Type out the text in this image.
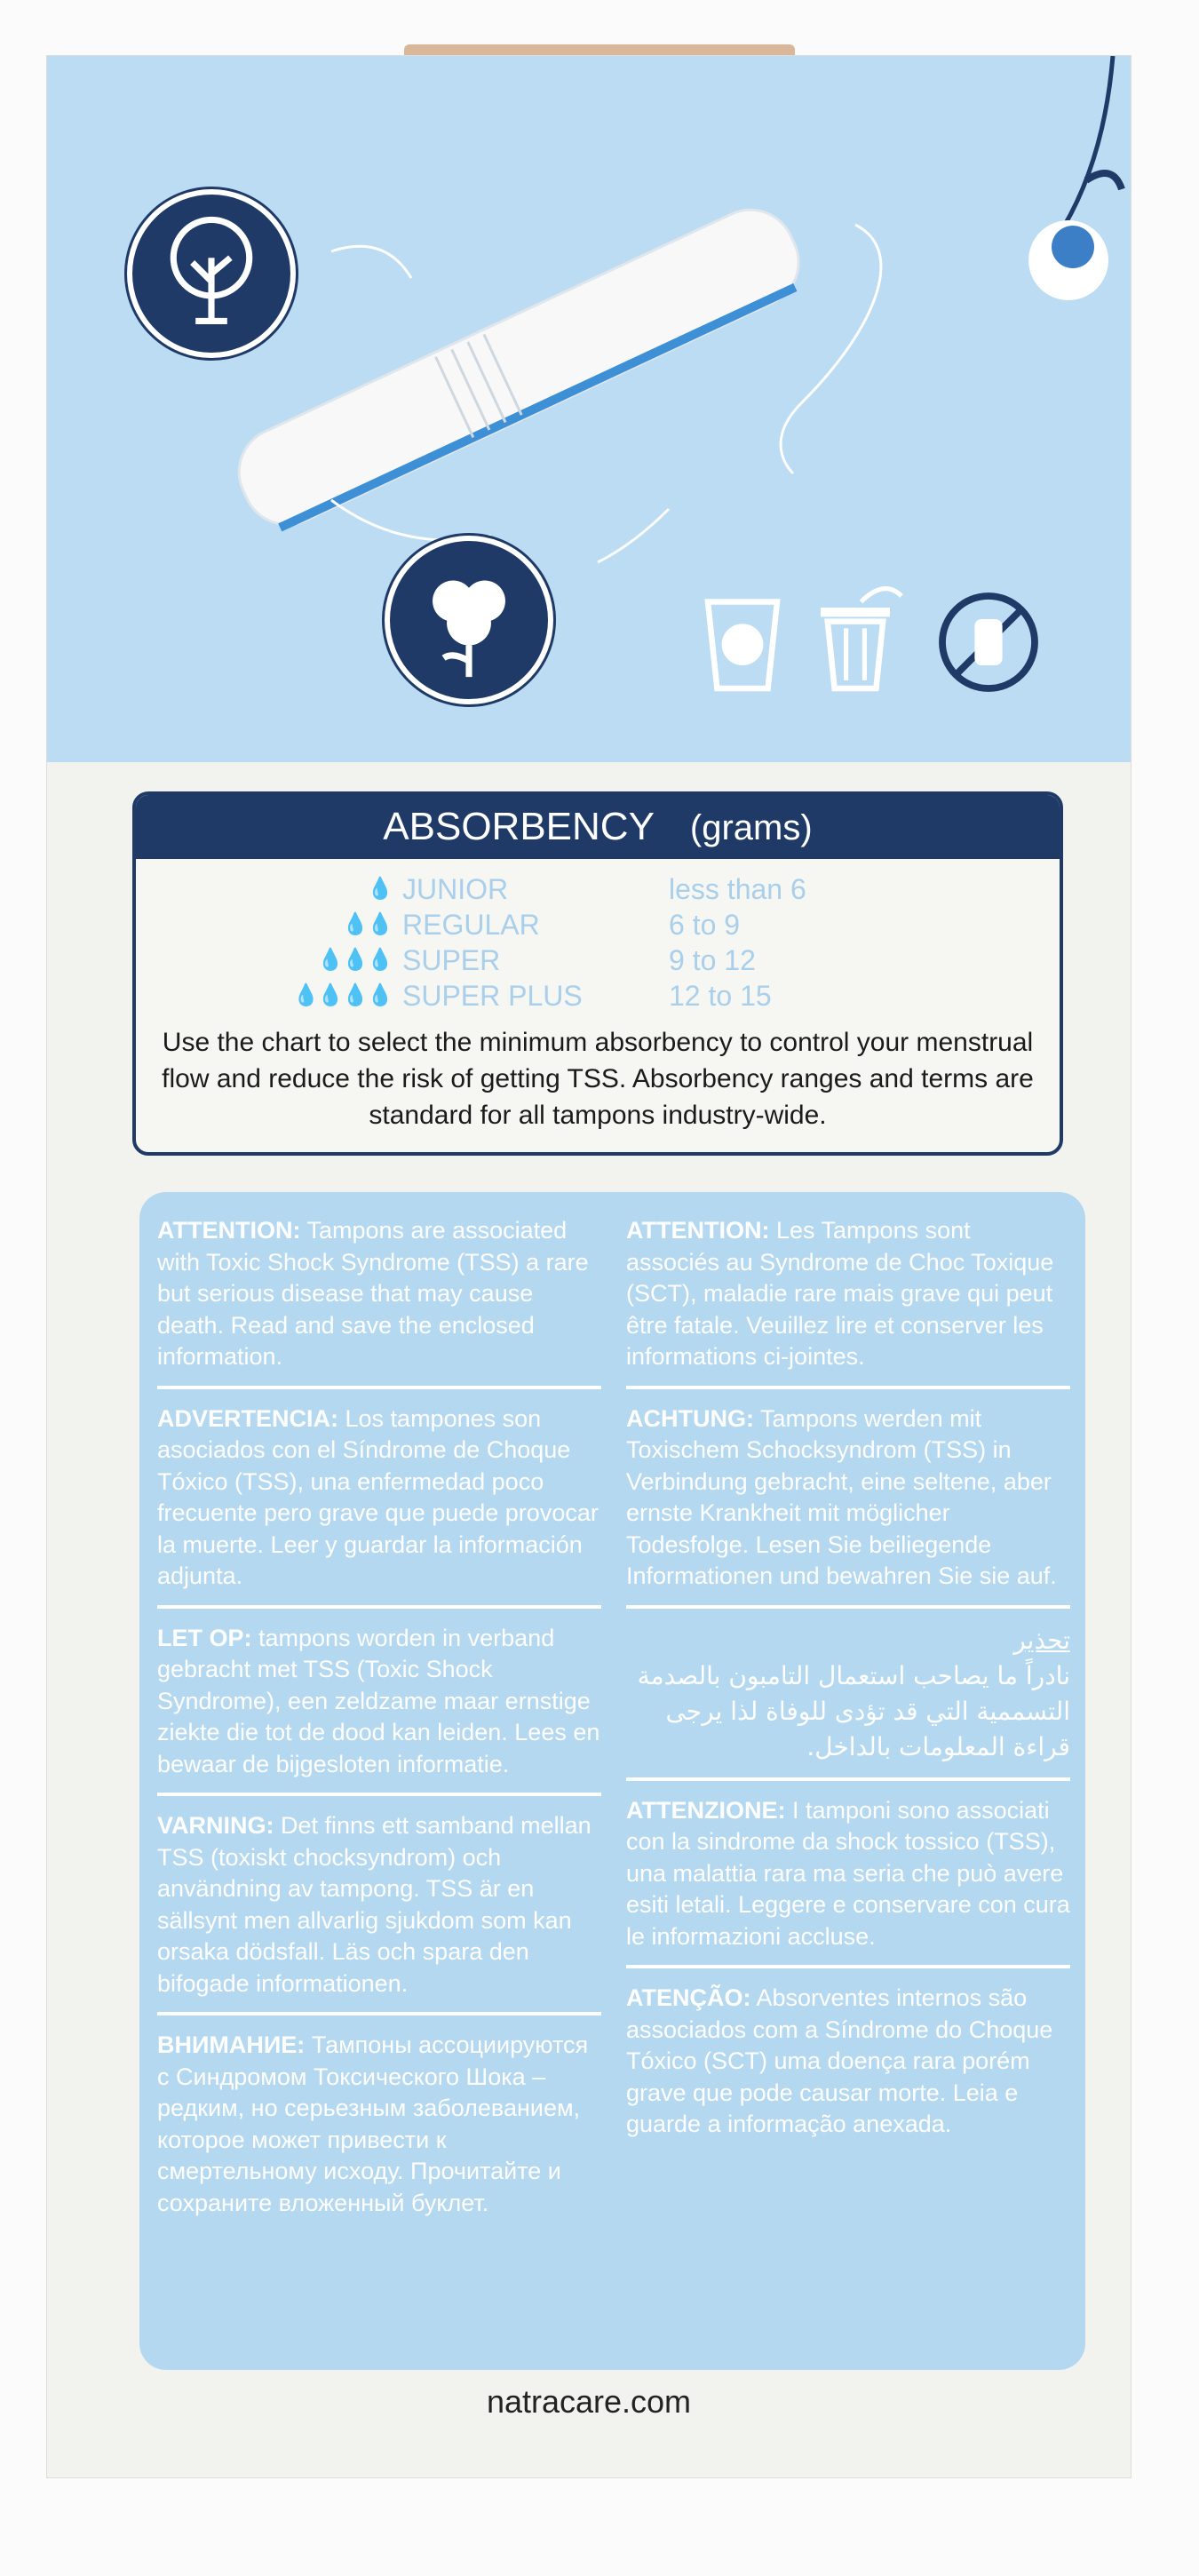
ABSORBENCY (grams)
💧 JUNIOR	less than 6
💧💧 REGULAR	6 to 9
💧💧💧 SUPER	9 to 12
💧💧💧💧 SUPER PLUS	12 to 15
Use the chart to select the minimum absorbency to control your menstrual flow and reduce the risk of getting TSS. Absorbency ranges and terms are standard for all tampons industry-wide.
ATTENTION: Tampons are associated with Toxic Shock Syndrome (TSS) a rare but serious disease that may cause death. Read and save the enclosed information.
ADVERTENCIA: Los tampones son asociados con el Síndrome de Choque Tóxico (TSS), una enfermedad poco frecuente pero grave que puede provocar la muerte. Leer y guardar la información adjunta.
LET OP: tampons worden in verband gebracht met TSS (Toxic Shock Syndrome), een zeldzame maar ernstige ziekte die tot de dood kan leiden. Lees en bewaar de bijgesloten informatie.
VARNING: Det finns ett samband mellan TSS (toxiskt chocksyndrom) och användning av tampong. TSS är en sällsynt men allvarlig sjukdom som kan orsaka dödsfall. Läs och spara den bifogade informationen.
ВНИМАНИЕ: Тампоны ассоциируются с Синдромом Токсического Шока – редким, но серьезным заболеванием, которое может привести к смертельному исходу. Прочитайте и сохраните вложенный буклет.
ATTENTION: Les Tampons sont associés au Syndrome de Choc Toxique (SCT), maladie rare mais grave qui peut être fatale. Veuillez lire et conserver les informations ci-jointes.
ACHTUNG: Tampons werden mit Toxischem Schocksyndrom (TSS) in Verbindung gebracht, eine seltene, aber ernste Krankheit mit möglicher Todesfolge. Lesen Sie beiliegende Informationen und bewahren Sie sie auf.
تحذير
نادراً ما يصاحب استعمال التامبون بالصدمة التسممية التي قد تؤدى للوفاة لذا يرجى قراءة المعلومات بالداخل.
ATTENZIONE: I tamponi sono associati con la sindrome da shock tossico (TSS), una malattia rara ma seria che può avere esiti letali. Leggere e conservare con cura le informazioni accluse.
ATENÇÃO: Absorventes internos são associados com a Síndrome do Choque Tóxico (SCT) uma doença rara porém grave que pode causar morte. Leia e guarde a informação anexada.
natracare.com
